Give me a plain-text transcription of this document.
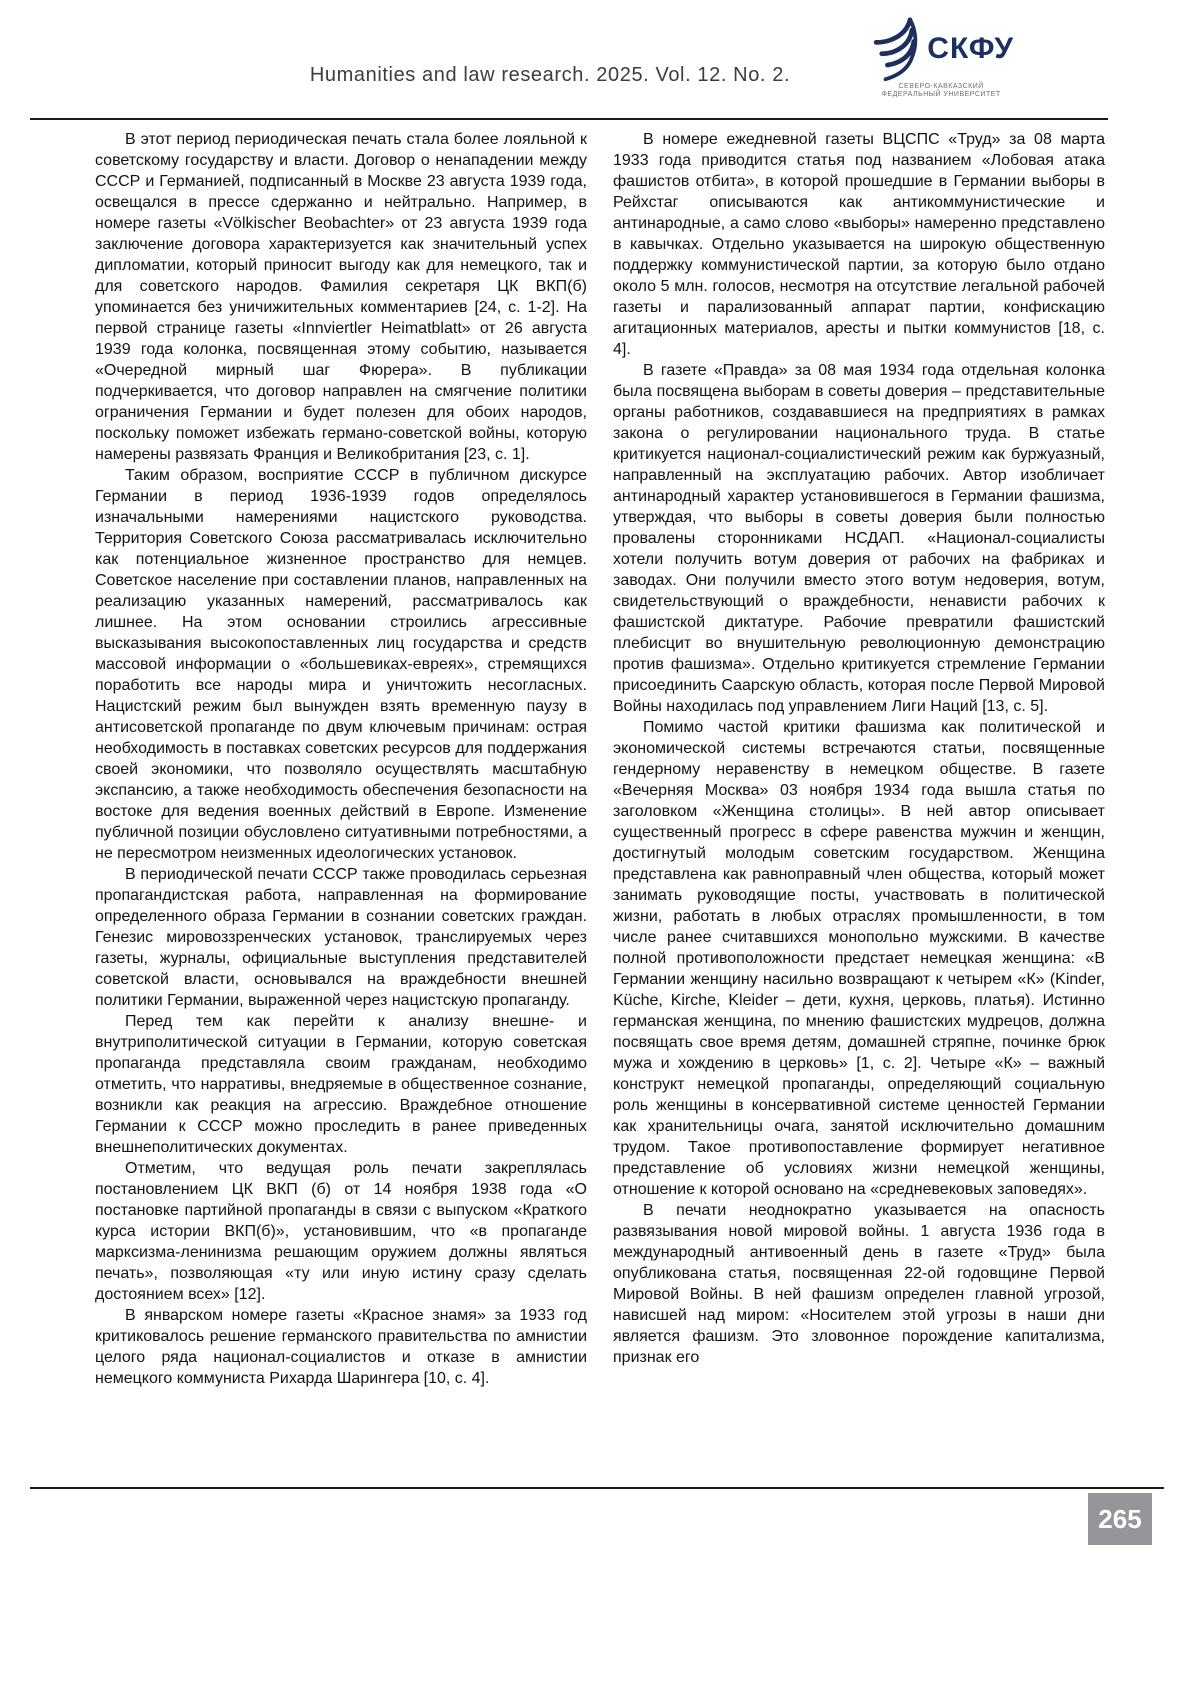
Humanities and law research. 2025. Vol. 12. No. 2.
СКФУ
СЕВЕРО-КАВКАЗСКИЙ
ФЕДЕРАЛЬНЫЙ УНИВЕРСИТЕТ

В этот период периодическая печать стала более лояльной к советскому государству и власти. Договор о ненападении между СССР и Германией, подписанный в Москве 23 августа 1939 года, освещался в прессе сдержанно и нейтрально. Например, в номере газеты «Völkischer Beobachter» от 23 августа 1939 года заключение договора характеризуется как значительный успех дипломатии, который приносит выгоду как для немецкого, так и для советского народов. Фамилия секретаря ЦК ВКП(б) упоминается без уничижительных комментариев [24, с. 1-2]. На первой странице газеты «Innviertler Heimatblatt» от 26 августа 1939 года колонка, посвященная этому событию, называется «Очередной мирный шаг Фюрера». В публикации подчеркивается, что договор направлен на смягчение политики ограничения Германии и будет полезен для обоих народов, поскольку поможет избежать германо-советской войны, которую намерены развязать Франция и Великобритания [23, с. 1].

Таким образом, восприятие СССР в публичном дискурсе Германии в период 1936-1939 годов определялось изначальными намерениями нацистского руководства. Территория Советского Союза рассматривалась исключительно как потенциальное жизненное пространство для немцев. Советское население при составлении планов, направленных на реализацию указанных намерений, рассматривалось как лишнее. На этом основании строились агрессивные высказывания высокопоставленных лиц государства и средств массовой информации о «большевиках-евреях», стремящихся поработить все народы мира и уничтожить несогласных. Нацистский режим был вынужден взять временную паузу в антисоветской пропаганде по двум ключевым причинам: острая необходимость в поставках советских ресурсов для поддержания своей экономики, что позволяло осуществлять масштабную экспансию, а также необходимость обеспечения безопасности на востоке для ведения военных действий в Европе. Изменение публичной позиции обусловлено ситуативными потребностями, а не пересмотром неизменных идеологических установок.

В периодической печати СССР также проводилась серьезная пропагандистская работа, направленная на формирование определенного образа Германии в сознании советских граждан. Генезис мировоззренческих установок, транслируемых через газеты, журналы, официальные выступления представителей советской власти, основывался на враждебности внешней политики Германии, выраженной через нацистскую пропаганду.

Перед тем как перейти к анализу внешне- и внутриполитической ситуации в Германии, которую советская пропаганда представляла своим гражданам, необходимо отметить, что нарративы, внедряемые в общественное сознание, возникли как реакция на агрессию. Враждебное отношение Германии к СССР можно проследить в ранее приведенных внешнеполитических документах.

Отметим, что ведущая роль печати закреплялась постановлением ЦК ВКП (б) от 14 ноября 1938 года «О постановке партийной пропаганды в связи с выпуском «Краткого курса истории ВКП(б)», установившим, что «в пропаганде марксизма-ленинизма решающим оружием должны являться печать», позволяющая «ту или иную истину сразу сделать достоянием всех» [12].

В январском номере газеты «Красное знамя» за 1933 год критиковалось решение германского правительства по амнистии целого ряда национал-социалистов и отказе в амнистии немецкого коммуниста Рихарда Шарингера [10, с. 4].

В номере ежедневной газеты ВЦСПС «Труд» за 08 марта 1933 года приводится статья под названием «Лобовая атака фашистов отбита», в которой прошедшие в Германии выборы в Рейхстаг описываются как антикоммунистические и антинародные, а само слово «выборы» намеренно представлено в кавычках. Отдельно указывается на широкую общественную поддержку коммунистической партии, за которую было отдано около 5 млн. голосов, несмотря на отсутствие легальной рабочей газеты и парализованный аппарат партии, конфискацию агитационных материалов, аресты и пытки коммунистов [18, с. 4].

В газете «Правда» за 08 мая 1934 года отдельная колонка была посвящена выборам в советы доверия – представительные органы работников, создававшиеся на предприятиях в рамках закона о регулировании национального труда. В статье критикуется национал-социалистический режим как буржуазный, направленный на эксплуатацию рабочих. Автор изобличает антинародный характер установившегося в Германии фашизма, утверждая, что выборы в советы доверия были полностью провалены сторонниками НСДАП. «Национал-социалисты хотели получить вотум доверия от рабочих на фабриках и заводах. Они получили вместо этого вотум недоверия, вотум, свидетельствующий о враждебности, ненависти рабочих к фашистской диктатуре. Рабочие превратили фашистский плебисцит во внушительную революционную демонстрацию против фашизма». Отдельно критикуется стремление Германии присоединить Саарскую область, которая после Первой Мировой Войны находилась под управлением Лиги Наций [13, с. 5].

Помимо частой критики фашизма как политической и экономической системы встречаются статьи, посвященные гендерному неравенству в немецком обществе. В газете «Вечерняя Москва» 03 ноября 1934 года вышла статья по заголовком «Женщина столицы». В ней автор описывает существенный прогресс в сфере равенства мужчин и женщин, достигнутый молодым советским государством. Женщина представлена как равноправный член общества, который может занимать руководящие посты, участвовать в политической жизни, работать в любых отраслях промышленности, в том числе ранее считавшихся монопольно мужскими. В качестве полной противоположности предстает немецкая женщина: «В Германии женщину насильно возвращают к четырем «К» (Kinder, Küche, Kirche, Kleider – дети, кухня, церковь, платья). Истинно германская женщина, по мнению фашистских мудрецов, должна посвящать свое время детям, домашней стряпне, починке брюк мужа и хождению в церковь» [1, с. 2]. Четыре «К» – важный конструкт немецкой пропаганды, определяющий социальную роль женщины в консервативной системе ценностей Германии как хранительницы очага, занятой исключительно домашним трудом. Такое противопоставление формирует негативное представление об условиях жизни немецкой женщины, отношение к которой основано на «средневековых заповедях».

В печати неоднократно указывается на опасность развязывания новой мировой войны. 1 августа 1936 года в международный антивоенный день в газете «Труд» была опубликована статья, посвященная 22-ой годовщине Первой Мировой Войны. В ней фашизм определен главной угрозой, нависшей над миром: «Носителем этой угрозы в наши дни является фашизм. Это зловонное порождение капитализма, признак его

265
